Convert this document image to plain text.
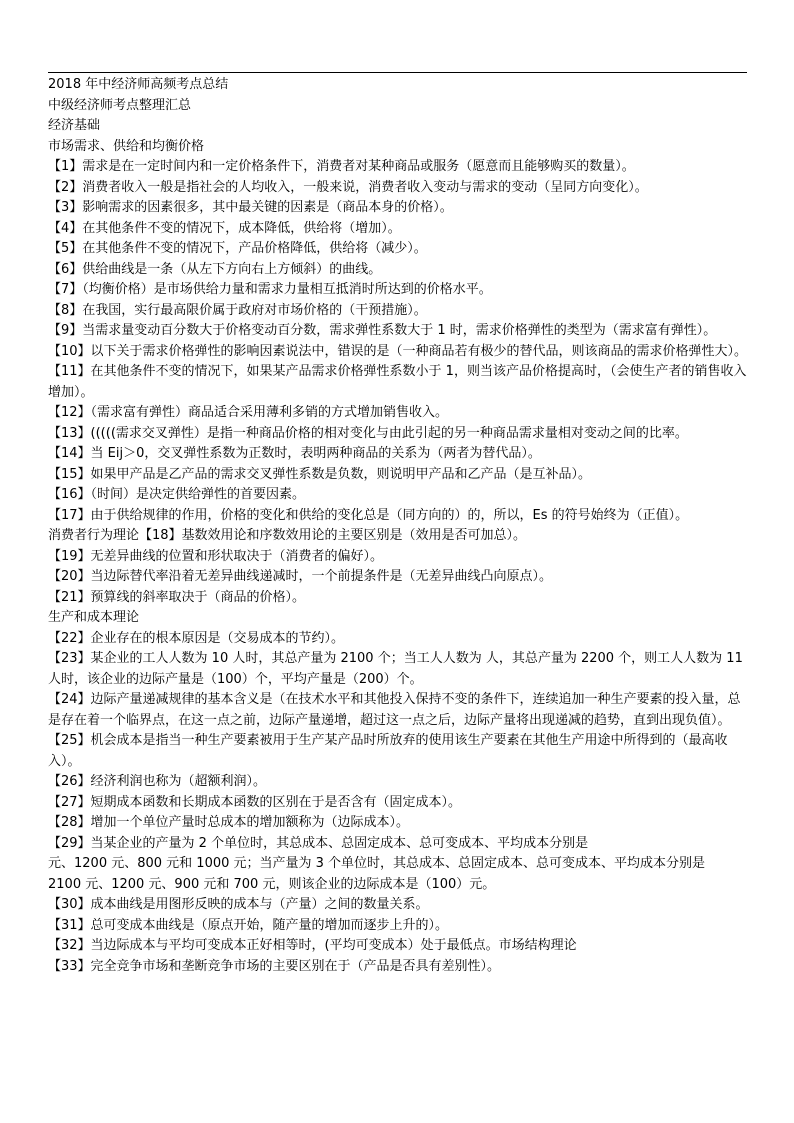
2018 年中经济师高频考点总结

中级经济师考点整理汇总

经济基础

市场需求、供给和均衡价格

【1】需求是在一定时间内和一定价格条件下，消费者对某种商品或服务（愿意而且能够购买的数量）。

【2】消费者收入一般是指社会的人均收入，一般来说，消费者收入变动与需求的变动（呈同方向变化）。

【3】影响需求的因素很多，其中最关键的因素是（商品本身的价格）。

【4】在其他条件不变的情况下，成本降低，供给将（增加）。

【5】在其他条件不变的情况下，产品价格降低，供给将（减少）。

【6】供给曲线是一条（从左下方向右上方倾斜）的曲线。

【7】（均衡价格）是市场供给力量和需求力量相互抵消时所达到的价格水平。

【8】在我国，实行最高限价属于政府对市场价格的（干预措施）。

【9】当需求量变动百分数大于价格变动百分数，需求弹性系数大于 1 时，需求价格弹性的类型为（需求富有弹性）。

【10】以下关于需求价格弹性的影响因素说法中，错误的是（一种商品若有极少的替代品，则该商品的需求价格弹性大）。

【11】在其他条件不变的情况下，如果某产品需求价格弹性系数小于 1，则当该产品价格提高时，（会使生产者的销售收入增加）。

【12】（需求富有弹性）商品适合采用薄利多销的方式增加销售收入。

【13】(((((需求交叉弹性）是指一种商品价格的相对变化与由此引起的另一种商品需求量相对变动之间的比率。

【14】当 Eij＞0，交叉弹性系数为正数时，表明两种商品的关系为（两者为替代品）。

【15】如果甲产品是乙产品的需求交叉弹性系数是负数，则说明甲产品和乙产品（是互补品）。

【16】（时间）是决定供给弹性的首要因素。

【17】由于供给规律的作用，价格的变化和供给的变化总是（同方向的）的，所以，Es 的符号始终为（正值）。

消费者行为理论【18】基数效用论和序数效用论的主要区别是（效用是否可加总）。

【19】无差异曲线的位置和形状取决于（消费者的偏好）。

【20】当边际替代率沿着无差异曲线递减时，一个前提条件是（无差异曲线凸向原点）。

【21】预算线的斜率取决于（商品的价格）。

生产和成本理论

【22】企业存在的根本原因是（交易成本的节约）。

【23】某企业的工人人数为 10 人时，其总产量为 2100 个；当工人人数为 人，其总产量为 2200 个，则工人人数为 11 人时，该企业的边际产量是（100）个，平均产量是（200）个。

【24】边际产量递减规律的基本含义是（在技术水平和其他投入保持不变的条件下，连续追加一种生产要素的投入量，总是存在着一个临界点，在这一点之前，边际产量递增，超过这一点之后，边际产量将出现递减的趋势，直到出现负值）。

【25】机会成本是指当一种生产要素被用于生产某产品时所放弃的使用该生产要素在其他生产用途中所得到的（最高收入）。

【26】经济利润也称为（超额利润）。

【27】短期成本函数和长期成本函数的区别在于是否含有（固定成本）。

【28】增加一个单位产量时总成本的增加额称为（边际成本）。

【29】当某企业的产量为 2 个单位时，其总成本、总固定成本、总可变成本、平均成本分别是

元、1200 元、800 元和 1000 元；当产量为 3 个单位时，其总成本、总固定成本、总可变成本、平均成本分别是

2100 元、1200 元、900 元和 700 元，则该企业的边际成本是（100）元。

【30】成本曲线是用图形反映的成本与（产量）之间的数量关系。

【31】总可变成本曲线是（原点开始，随产量的增加而逐步上升的）。

【32】当边际成本与平均可变成本正好相等时，(平均可变成本）处于最低点。市场结构理论

【33】完全竞争市场和垄断竞争市场的主要区别在于（产品是否具有差别性）。
